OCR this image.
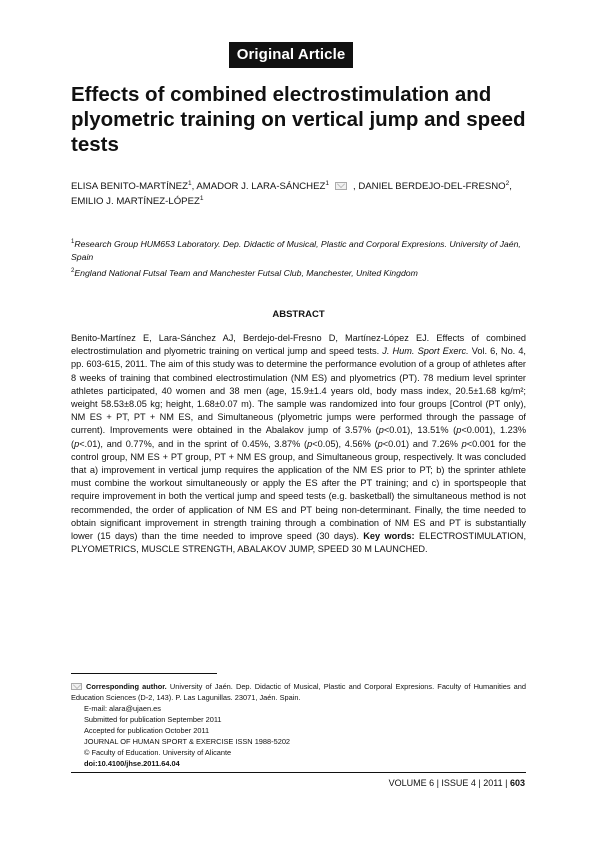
Original Article
Effects of combined electrostimulation and plyometric training on vertical jump and speed tests
ELISA BENITO-MARTÍNEZ$^1$, AMADOR J. LARA-SÁNCHEZ$^1$	, DANIEL BERDEJO-DEL-FRESNO$^2$, EMILIO J. MARTÍNEZ-LÓPEZ$^1$
$^1$Research Group HUM653 Laboratory. Dep. Didactic of Musical, Plastic and Corporal Expresions. University of Jaén, Spain
$^2$England National Futsal Team and Manchester Futsal Club, Manchester, United Kingdom
ABSTRACT
Benito-Martínez E, Lara-Sánchez AJ, Berdejo-del-Fresno D, Martínez-López EJ. Effects of combined electrostimulation and plyometric training on vertical jump and speed tests. J. Hum. Sport Exerc. Vol. 6, No. 4, pp. 603-615, 2011. The aim of this study was to determine the performance evolution of a group of athletes after 8 weeks of training that combined electrostimulation (NM ES) and plyometrics (PT). 78 medium level sprinter athletes participated, 40 women and 38 men (age, 15.9±1.4 years old, body mass index, 20.5±1.68 kg/m²; weight 58.53±8.05 kg; height, 1.68±0.07 m). The sample was randomized into four groups [Control (PT only), NM ES + PT, PT + NM ES, and Simultaneous (plyometric jumps were performed through the passage of current). Improvements were obtained in the Abalakov jump of 3.57% (p<0.01), 13.51% (p<0.001), 1.23% (p<.01), and 0.77%, and in the sprint of 0.45%, 3.87% (p<0.05), 4.56% (p<0.01) and 7.26% p<0.001 for the control group, NM ES + PT group, PT + NM ES group, and Simultaneous group, respectively. It was concluded that a) improvement in vertical jump requires the application of the NM ES prior to PT; b) the sprinter athlete must combine the workout simultaneously or apply the ES after the PT training; and c) in sportspeople that require improvement in both the vertical jump and speed tests (e.g. basketball) the simultaneous method is not recommended, the order of application of NM ES and PT being non-determinant. Finally, the time needed to obtain significant improvement in strength training through a combination of NM ES and PT is substantially lower (15 days) than the time needed to improve speed (30 days). Key words: ELECTROSTIMULATION, PLYOMETRICS, MUSCLE STRENGTH, ABALAKOV JUMP, SPEED 30 M LAUNCHED.
Corresponding author. University of Jaén. Dep. Didactic of Musical, Plastic and Corporal Expresions. Faculty of Humanities and Education Sciences (D-2, 143). P. Las Lagunillas. 23071, Jaén. Spain.
E-mail: alara@ujaen.es
Submitted for publication September 2011
Accepted for publication October 2011
JOURNAL OF HUMAN SPORT & EXERCISE ISSN 1988-5202
© Faculty of Education. University of Alicante
doi:10.4100/jhse.2011.64.04
VOLUME 6 | ISSUE 4 | 2011 | 603
